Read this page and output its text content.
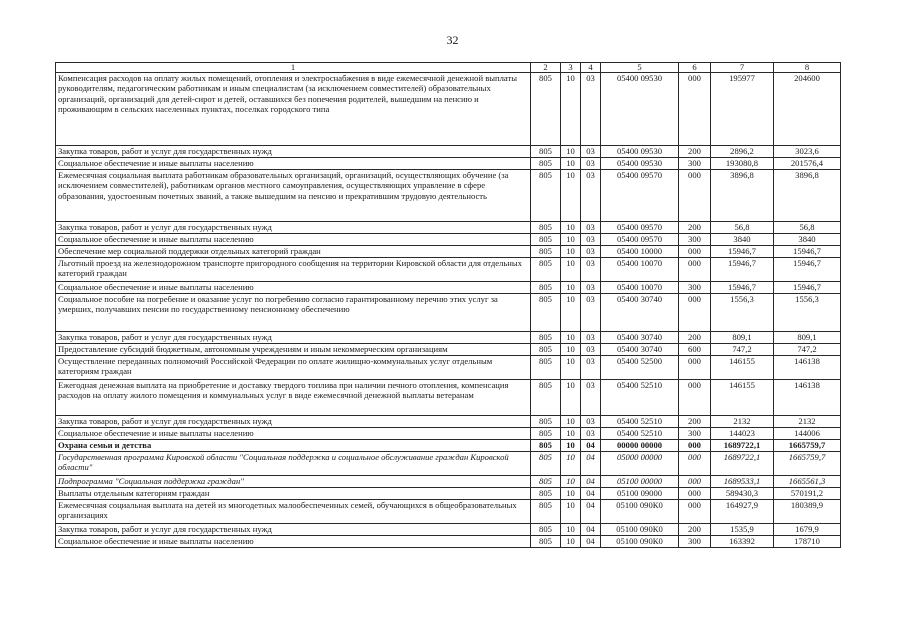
32
1	2	3	4	5	6	7	8
Компенсация расходов на оплату жилых помещений, отопления и электроснабжения в виде ежемесячной денежной выплаты руководителям, педагогическим работникам и иным специалистам (за исключением совместителей) образовательных организаций, организаций для детей-сирот и детей, оставшихся без попечения родителей, вышедшим на пенсию и проживающим в сельских населенных пунктах, поселках городского типа	805	10	03	05400 09530	000	195977	204600
Закупка товаров, работ и услуг для государственных нужд	805	10	03	05400 09530	200	2896,2	3023,6
Социальное обеспечение и иные выплаты населению	805	10	03	05400 09530	300	193080,8	201576,4
Ежемесячная социальная выплата работникам образовательных организаций, организаций, осуществляющих обучение (за исключением совместителей), работникам органов местного самоуправления, осуществляющих управление в сфере образования, удостоенным почетных званий, а также вышедшим на пенсию и прекратившим трудовую деятельность	805	10	03	05400 09570	000	3896,8	3896,8
Закупка товаров, работ и услуг для государственных нужд	805	10	03	05400 09570	200	56,8	56,8
Социальное обеспечение и иные выплаты населению	805	10	03	05400 09570	300	3840	3840
Обеспечение мер социальной поддержки отдельных категорий граждан	805	10	03	05400 10000	000	15946,7	15946,7
Льготный проезд на железнодорожном транспорте пригородного сообщения на территории Кировской области для отдельных категорий граждан	805	10	03	05400 10070	000	15946,7	15946,7
Социальное обеспечение и иные выплаты населению	805	10	03	05400 10070	300	15946,7	15946,7
Социальное пособие на погребение и оказание услуг по погребению согласно гарантированному перечню этих услуг за умерших, получавших пенсии по государственному пенсионному обеспечению	805	10	03	05400 30740	000	1556,3	1556,3
Закупка товаров, работ и услуг для государственных нужд	805	10	03	05400 30740	200	809,1	809,1
Предоставление субсидий бюджетным, автономным учреждениям и иным некоммерческим организациям	805	10	03	05400 30740	600	747,2	747,2
Осуществление переданных полномочий Российской Федерации по оплате жилищно-коммунальных услуг отдельным категориям граждан	805	10	03	05400 52500	000	146155	146138
Ежегодная денежная выплата на приобретение и доставку твердого топлива при наличии печного отопления, компенсация расходов на оплату жилого помещения и коммунальных услуг в виде ежемесячной денежной выплаты ветеранам	805	10	03	05400 52510	000	146155	146138
Закупка товаров, работ и услуг для государственных нужд	805	10	03	05400 52510	200	2132	2132
Социальное обеспечение и иные выплаты населению	805	10	03	05400 52510	300	144023	144006
Охрана семьи и детства	805	10	04	00000 00000	000	1689722,1	1665759,7
Государственная программа Кировской области "Социальная поддержка и социальное обслуживание граждан Кировской области"	805	10	04	05000 00000	000	1689722,1	1665759,7
Подпрограмма "Социальная поддержка граждан"	805	10	04	05100 00000	000	1689533,1	1665561,3
Выплаты отдельным категориям граждан	805	10	04	05100 09000	000	589430,3	570191,2
Ежемесячная социальная выплата на детей из многодетных малообеспеченных семей, обучающихся в общеобразовательных организациях	805	10	04	05100 090К0	000	164927,9	180389,9
Закупка товаров, работ и услуг для государственных нужд	805	10	04	05100 090К0	200	1535,9	1679,9
Социальное обеспечение и иные выплаты населению	805	10	04	05100 090К0	300	163392	178710
